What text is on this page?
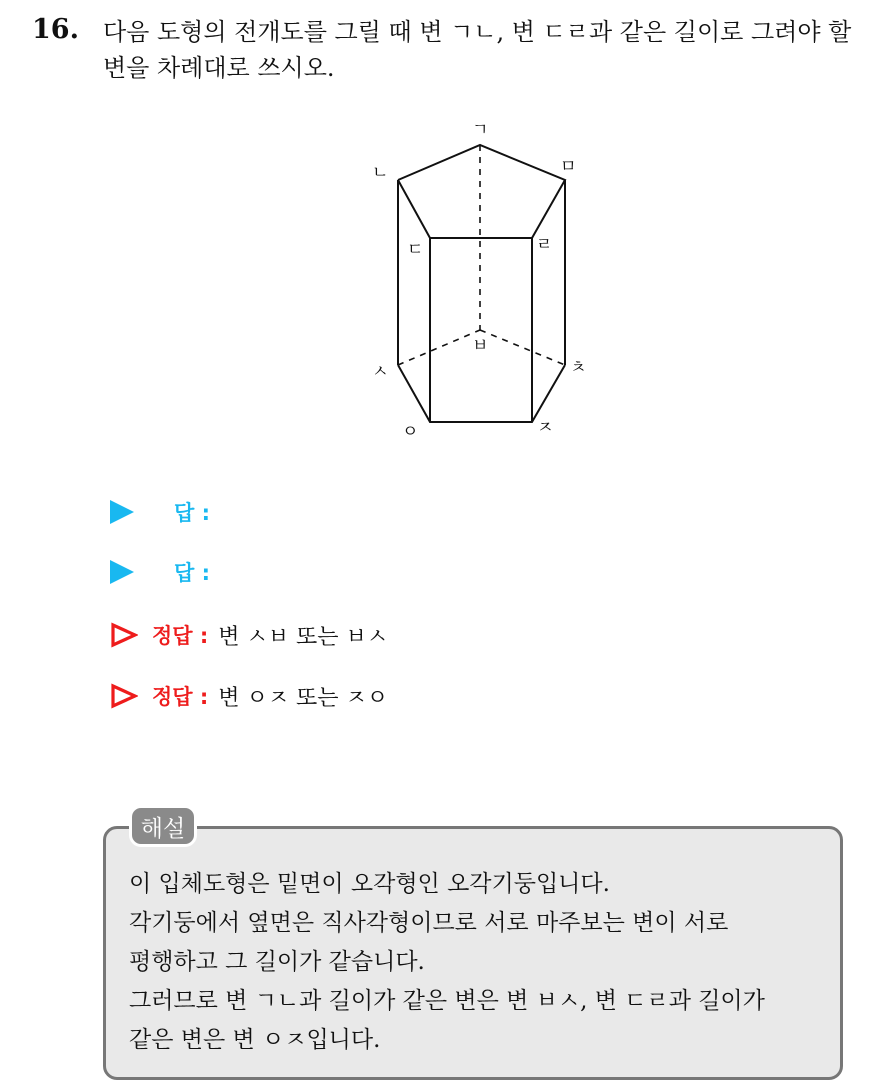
16. 다음 도형의 전개도를 그릴 때 변 ㄱㄴ, 변 ㄷㄹ과 같은 길이로 그려야 할 변을 차례대로 쓰시오.
ㄱ
ㄴ	ㅁ
ㄷ	ㄹ
ㅂ
ㅅ	ㅊ
ㅇ	ㅈ
답 :
답 :
정답 : 변 ㅅㅂ 또는 ㅂㅅ
정답 : 변 ㅇㅈ 또는 ㅈㅇ
해설
이 입체도형은 밑면이 오각형인 오각기둥입니다.
각기둥에서 옆면은 직사각형이므로 서로 마주보는 변이 서로
평행하고 그 길이가 같습니다.
그러므로 변 ㄱㄴ과 길이가 같은 변은 변 ㅂㅅ, 변 ㄷㄹ과 길이가
같은 변은 변 ㅇㅈ입니다.
